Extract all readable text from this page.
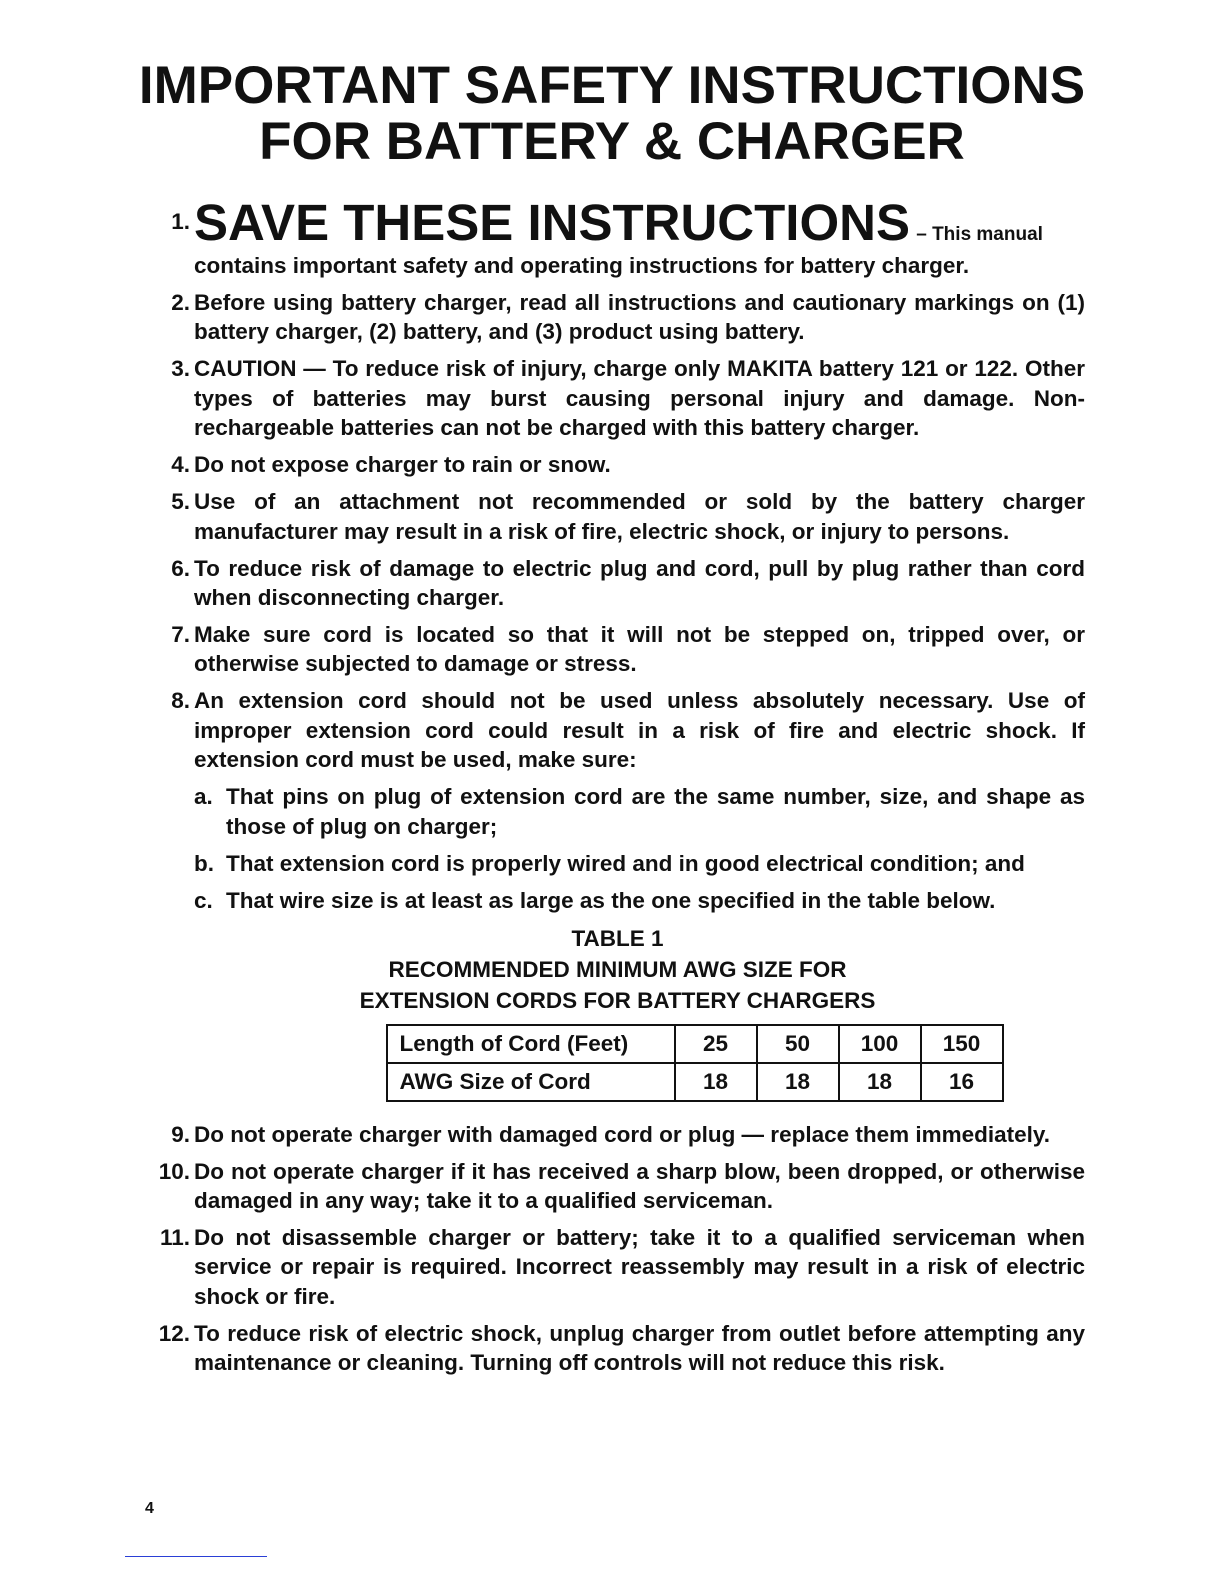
IMPORTANT SAFETY INSTRUCTIONS
FOR BATTERY & CHARGER
1. SAVE THESE INSTRUCTIONS – This manual
contains important safety and operating instructions for battery charger.
2. Before using battery charger, read all instructions and cautionary markings on (1) battery charger, (2) battery, and (3) product using battery.
3. CAUTION — To reduce risk of injury, charge only MAKITA battery 121 or 122. Other types of batteries may burst causing personal injury and damage. Non-rechargeable batteries can not be charged with this battery charger.
4. Do not expose charger to rain or snow.
5. Use of an attachment not recommended or sold by the battery charger manufacturer may result in a risk of fire, electric shock, or injury to persons.
6. To reduce risk of damage to electric plug and cord, pull by plug rather than cord when disconnecting charger.
7. Make sure cord is located so that it will not be stepped on, tripped over, or otherwise subjected to damage or stress.
8. An extension cord should not be used unless absolutely necessary. Use of improper extension cord could result in a risk of fire and electric shock. If extension cord must be used, make sure:
a. That pins on plug of extension cord are the same number, size, and shape as those of plug on charger;
b. That extension cord is properly wired and in good electrical condition; and
c. That wire size is at least as large as the one specified in the table below.
TABLE 1
RECOMMENDED MINIMUM AWG SIZE FOR
EXTENSION CORDS FOR BATTERY CHARGERS
Length of Cord (Feet)	25	50	100	150
AWG Size of Cord	18	18	18	16
9. Do not operate charger with damaged cord or plug — replace them immediately.
10. Do not operate charger if it has received a sharp blow, been dropped, or otherwise damaged in any way; take it to a qualified serviceman.
11. Do not disassemble charger or battery; take it to a qualified serviceman when service or repair is required. Incorrect reassembly may result in a risk of electric shock or fire.
12. To reduce risk of electric shock, unplug charger from outlet before attempting any maintenance or cleaning. Turning off controls will not reduce this risk.
4
